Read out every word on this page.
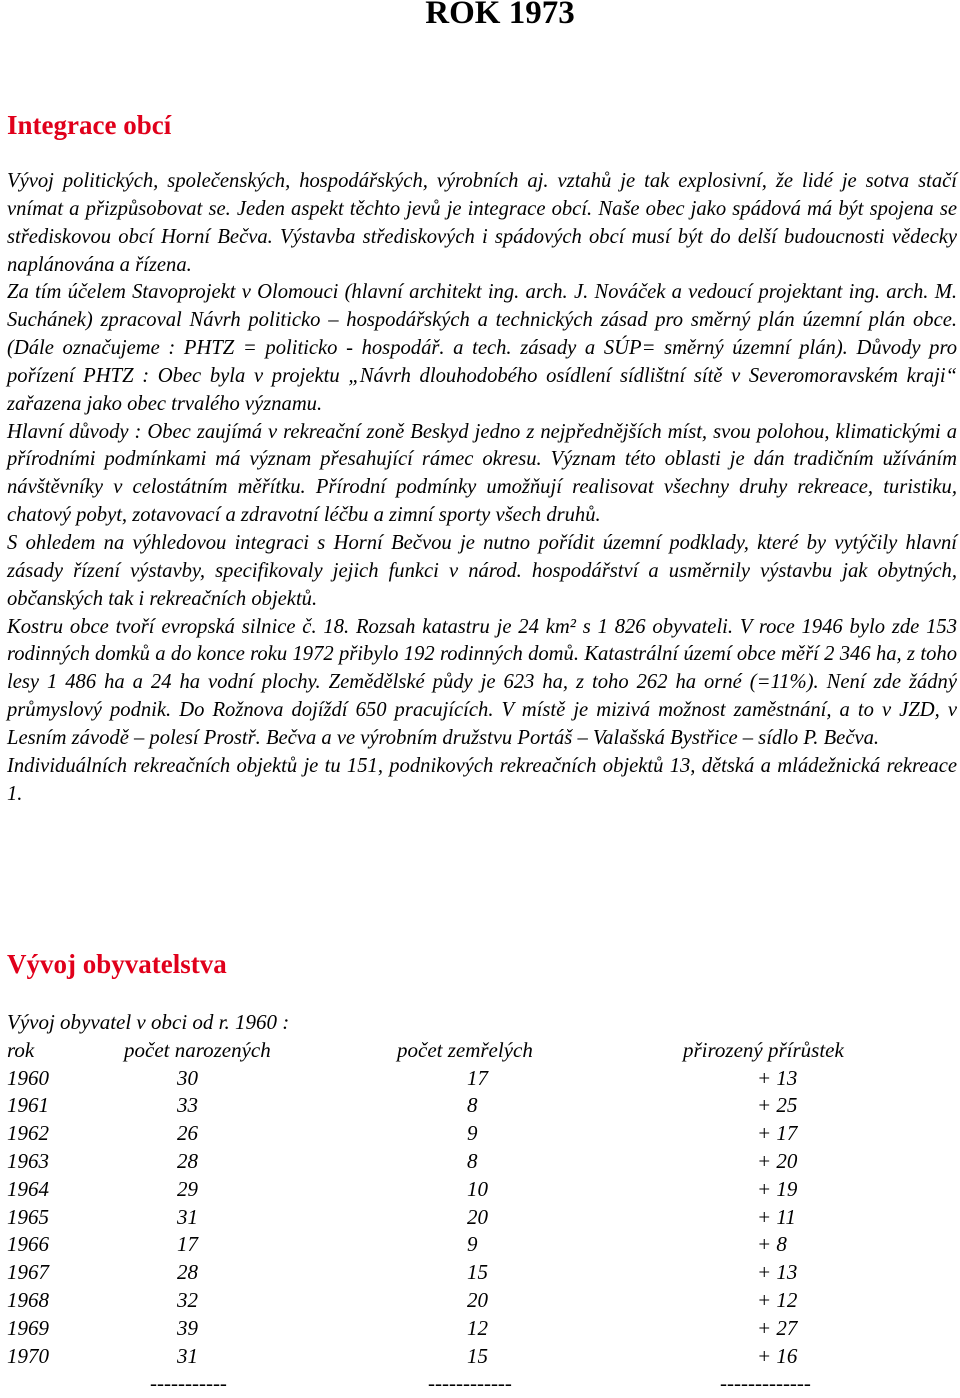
ROK 1973
Integrace obcí

Vývoj politických, společenských, hospodářských, výrobních aj. vztahů je tak explosivní, že lidé je sotva stačí vnímat a přizpůsobovat se. Jeden aspekt těchto jevů je integrace obcí. Naše obec jako spádová má být spojena se střediskovou obcí Horní Bečva. Výstavba střediskových i spádových obcí musí být do delší budoucnosti vědecky naplánována a řízena.

Za tím účelem Stavoprojekt v Olomouci (hlavní architekt ing. arch. J. Nováček a vedoucí projektant ing. arch. M. Suchánek) zpracoval Návrh politicko – hospodářských a technických zásad pro směrný plán územní plán obce. (Dále označujeme : PHTZ = politicko - hospodář. a tech. zásady a SÚP= směrný územní plán). Důvody pro pořízení PHTZ : Obec byla v projektu „Návrh dlouhodobého osídlení sídlištní sítě v Severomoravském kraji“ zařazena jako obec trvalého významu.

Hlavní důvody : Obec zaujímá v rekreační zoně Beskyd jedno z nejpřednějších míst, svou polohou, klimatickými a přírodními podmínkami má význam přesahující rámec okresu. Význam této oblasti je dán tradičním užíváním návštěvníky v celostátním měřítku. Přírodní podmínky umožňují realisovat všechny druhy rekreace, turistiku, chatový pobyt, zotavovací a zdravotní léčbu a zimní sporty všech druhů.

S ohledem na výhledovou integraci s Horní Bečvou je nutno pořídit územní podklady, které by vytýčily hlavní zásady řízení výstavby, specifikovaly jejich funkci v národ. hospodářství a usměrnily výstavbu jak obytných, občanských tak i rekreačních objektů.

Kostru obce tvoří evropská silnice č. 18. Rozsah katastru je 24 km² s 1 826 obyvateli. V roce 1946 bylo zde 153 rodinných domků a do konce roku 1972 přibylo 192 rodinných domů. Katastrální území obce měří 2 346 ha, z toho lesy 1 486 ha a 24 ha vodní plochy. Zemědělské půdy je 623 ha, z toho 262 ha orné (=11%). Není zde žádný průmyslový podnik. Do Rožnova dojíždí 650 pracujících. V místě je mizivá možnost zaměstnání, a to v JZD, v Lesním závodě – polesí Prostř. Bečva a ve výrobním družstvu Portáš – Valašská Bystřice – sídlo P. Bečva.

Individuálních rekreačních objektů je tu 151, podnikových rekreačních objektů 13, dětská a mládežnická rekreace 1.

Vývoj obyvatelstva
Vývoj obyvatel v obci od r. 1960 :
rok	počet narozených	počet zemřelých	přirozený přírůstek
1960	30	17	+ 13
1961	33	8	+ 25
1962	26	9	+ 17
1963	28	8	+ 20
1964	29	10	+ 19
1965	31	20	+ 11
1966	17	9	+ 8
1967	28	15	+ 13
1968	32	20	+ 12
1969	39	12	+ 27
1970	31	15	+ 16
-----------	------------	-------------
